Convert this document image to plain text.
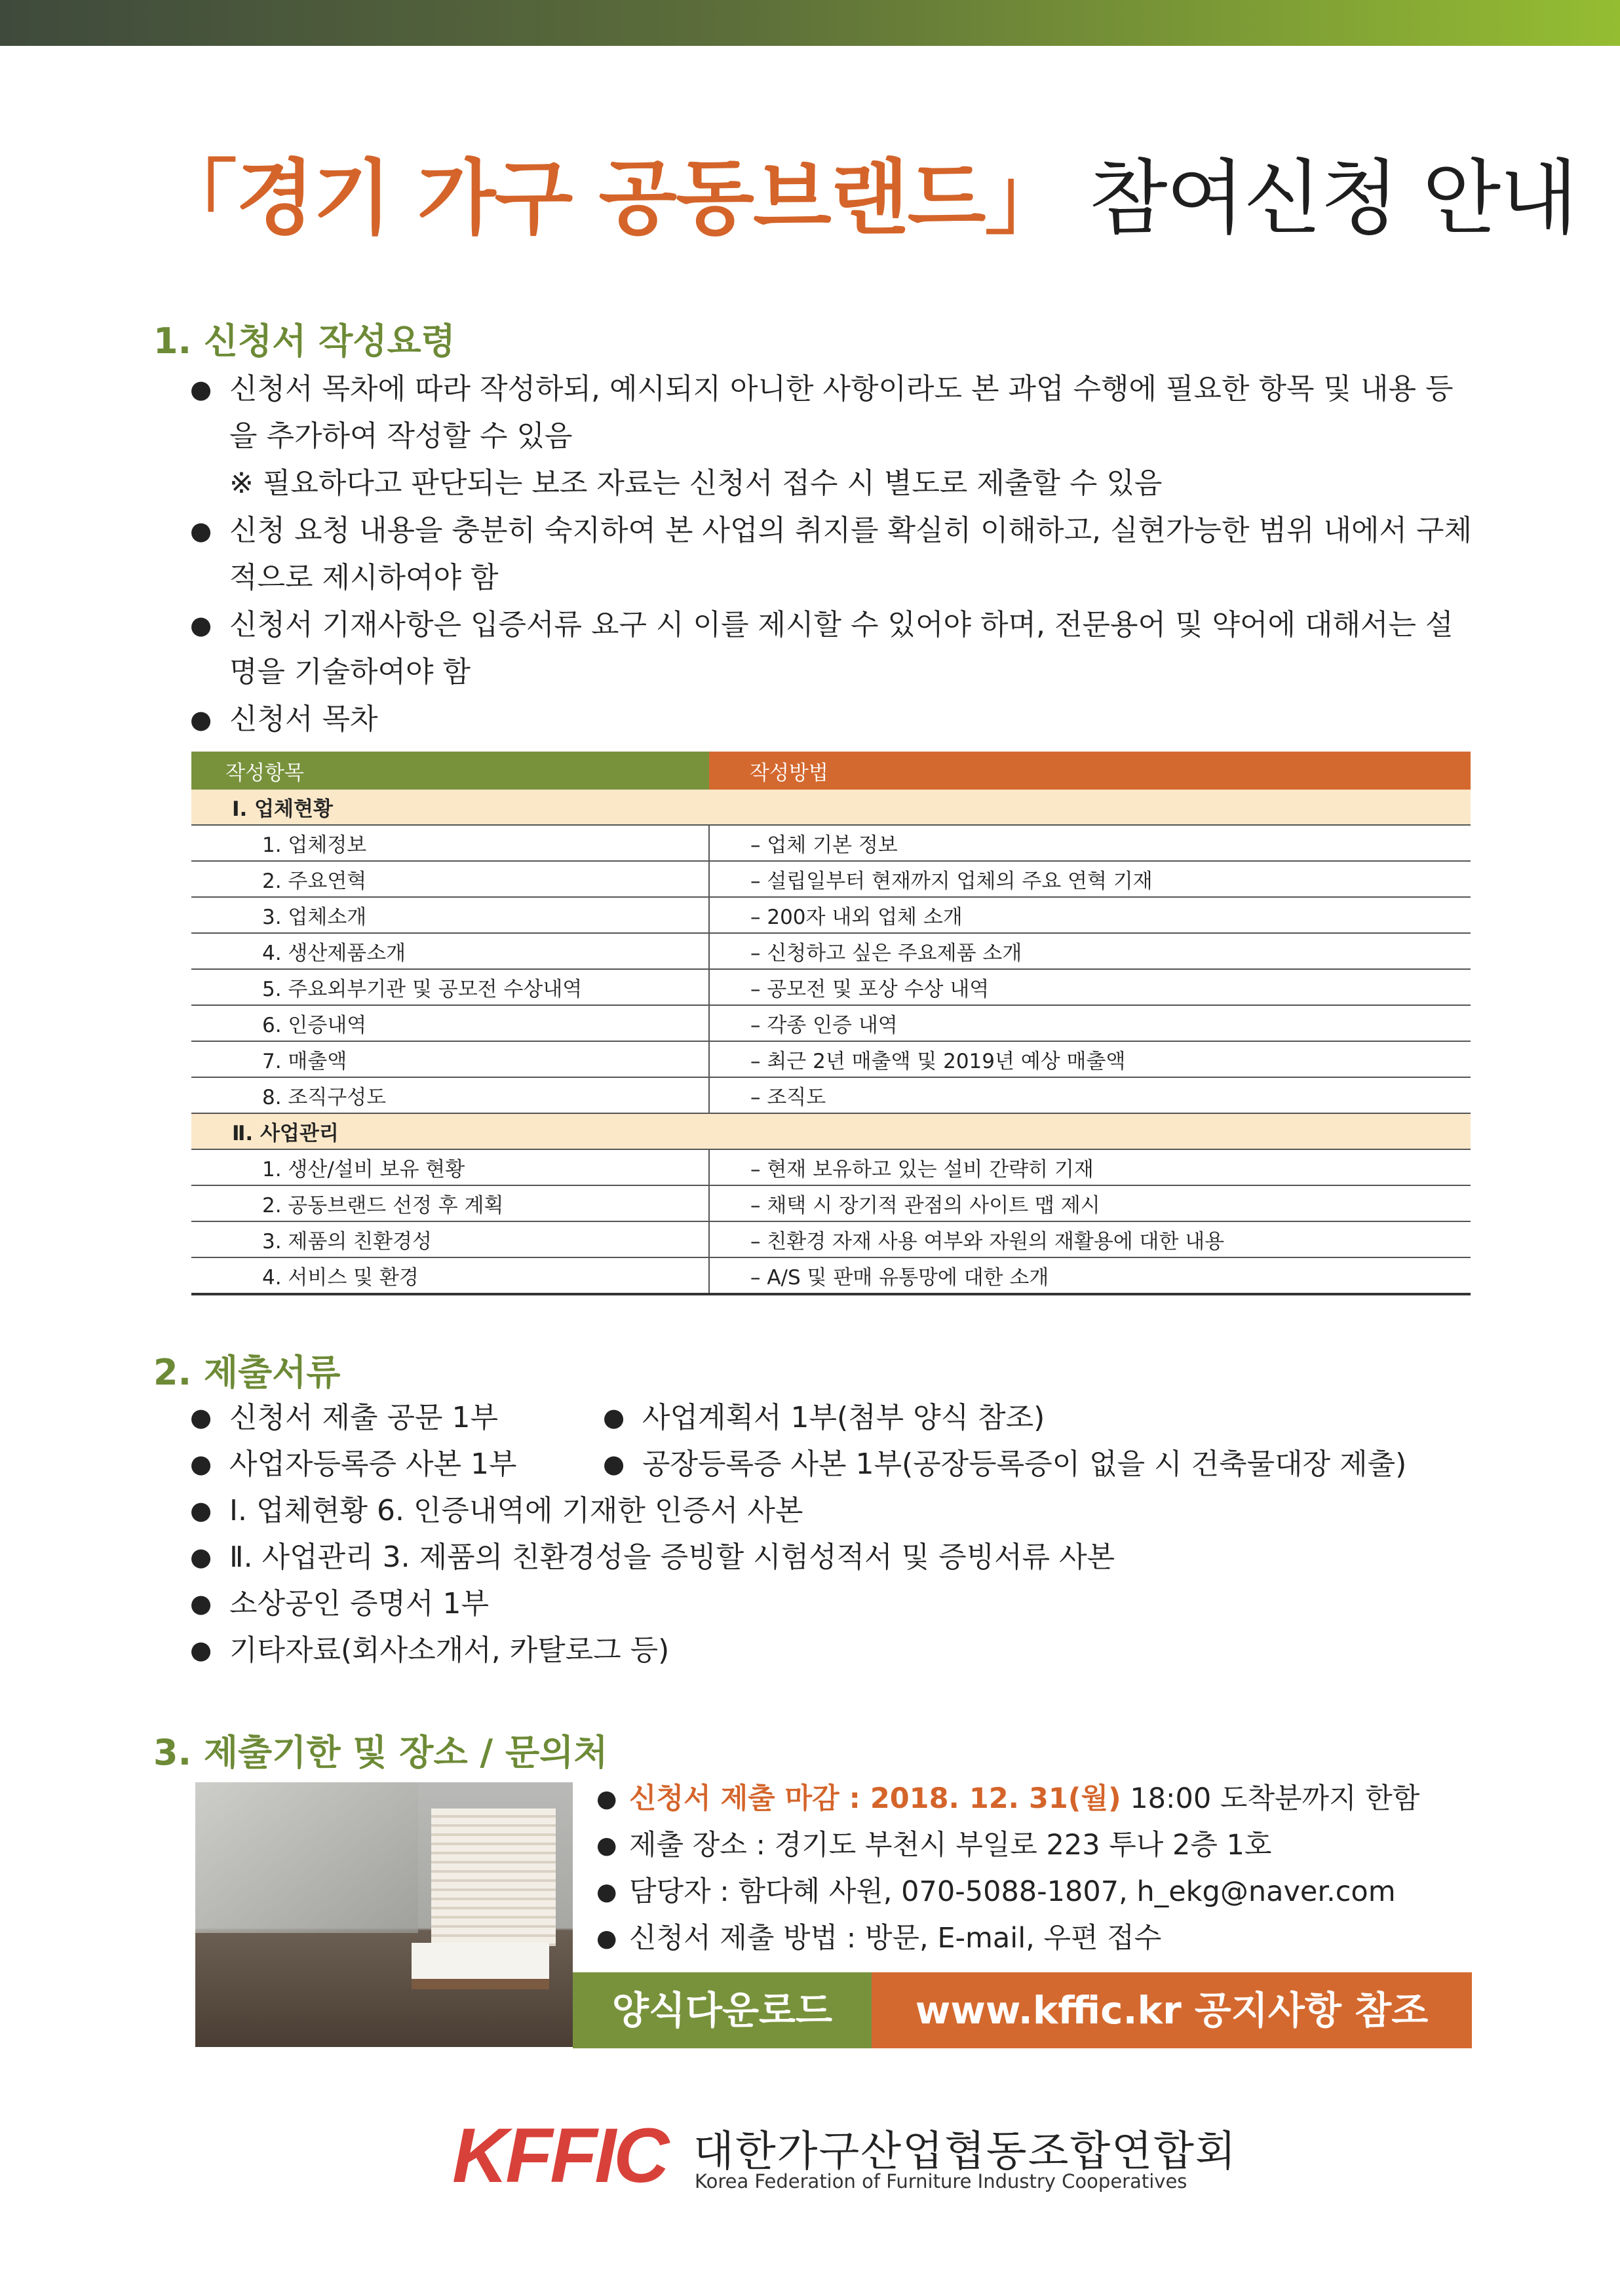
「경기 가구 공동브랜드」 참여신청 안내
1. 신청서 작성요령
● 신청서 목차에 따라 작성하되, 예시되지 아니한 사항이라도 본 과업 수행에 필요한 항목 및 내용 등을 추가하여 작성할 수 있음
※ 필요하다고 판단되는 보조 자료는 신청서 접수 시 별도로 제출할 수 있음
● 신청 요청 내용을 충분히 숙지하여 본 사업의 취지를 확실히 이해하고, 실현가능한 범위 내에서 구체적으로 제시하여야 함
● 신청서 기재사항은 입증서류 요구 시 이를 제시할 수 있어야 하며, 전문용어 및 약어에 대해서는 설명을 기술하여야 함
● 신청서 목차
작성항목	작성방법
Ⅰ. 업체현황	
1. 업체정보	– 업체 기본 정보
2. 주요연혁	– 설립일부터 현재까지 업체의 주요 연혁 기재
3. 업체소개	– 200자 내외 업체 소개
4. 생산제품소개	– 신청하고 싶은 주요제품 소개
5. 주요외부기관 및 공모전 수상내역	– 공모전 및 포상 수상 내역
6. 인증내역	– 각종 인증 내역
7. 매출액	– 최근 2년 매출액 및 2019년 예상 매출액
8. 조직구성도	– 조직도
Ⅱ. 사업관리	
1. 생산/설비 보유 현황	– 현재 보유하고 있는 설비 간략히 기재
2. 공동브랜드 선정 후 계획	– 채택 시 장기적 관점의 사이트 맵 제시
3. 제품의 친환경성	– 친환경 자재 사용 여부와 자원의 재활용에 대한 내용
4. 서비스 및 환경	– A/S 및 판매 유통망에 대한 소개
2. 제출서류
● 신청서 제출 공문 1부	● 사업계획서 1부(첨부 양식 참조)
● 사업자등록증 사본 1부	● 공장등록증 사본 1부(공장등록증이 없을 시 건축물대장 제출)
● Ⅰ. 업체현황 6. 인증내역에 기재한 인증서 사본
● Ⅱ. 사업관리 3. 제품의 친환경성을 증빙할 시험성적서 및 증빙서류 사본
● 소상공인 증명서 1부
● 기타자료(회사소개서, 카탈로그 등)
3. 제출기한 및 장소 / 문의처
● 신청서 제출 마감 : 2018. 12. 31(월) 18:00 도착분까지 한함
● 제출 장소 : 경기도 부천시 부일로 223 투나 2층 1호
● 담당자 : 함다혜 사원, 070-5088-1807, h_ekg@naver.com
● 신청서 제출 방법 : 방문, E-mail, 우편 접수
양식다운로드	www.kffic.kr 공지사항 참조
KFFIC 대한가구산업협동조합연합회
Korea Federation of Furniture Industry Cooperatives
